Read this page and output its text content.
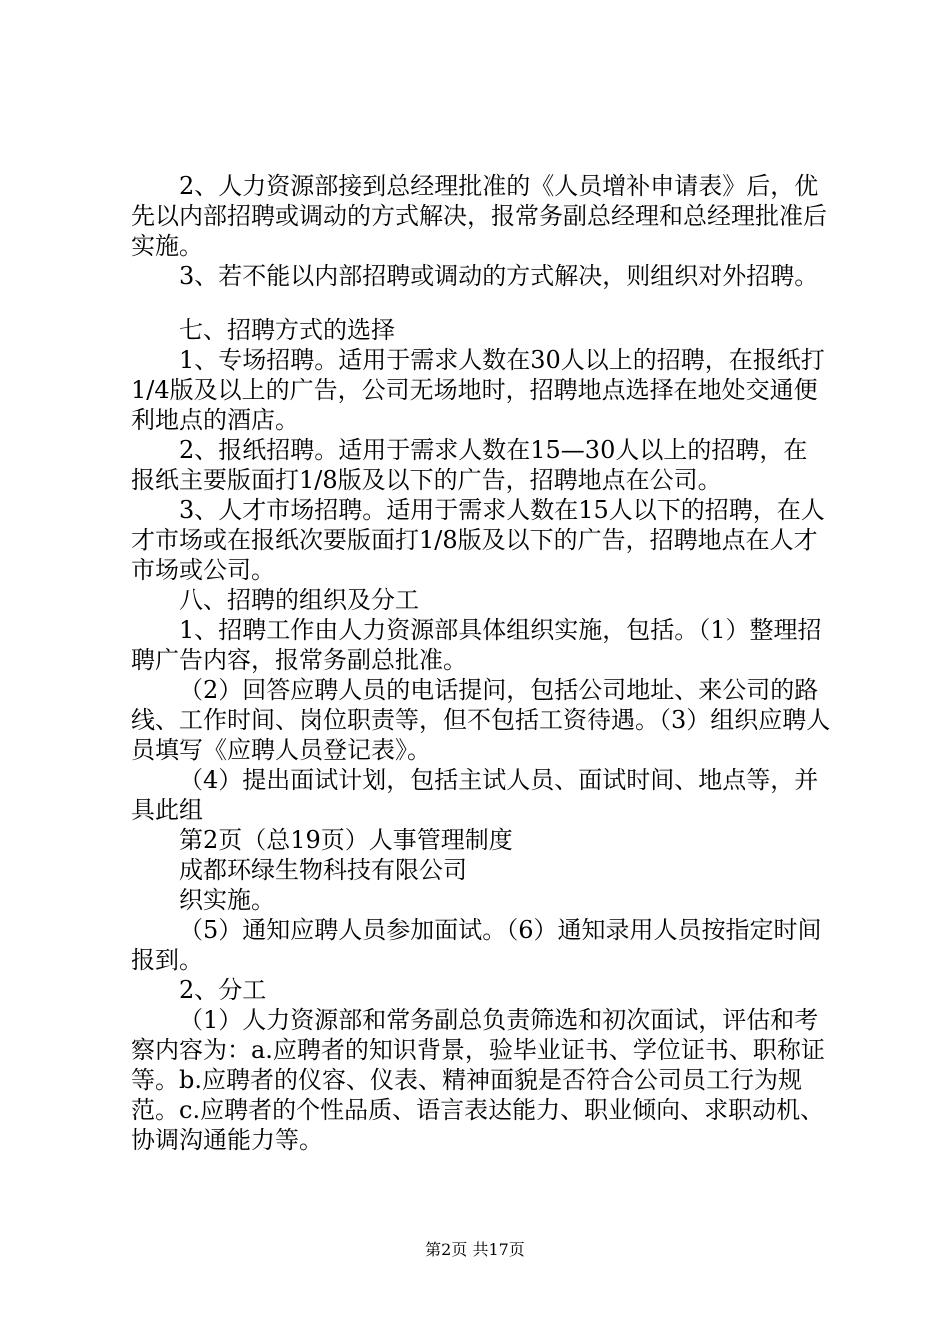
2、人力资源部接到总经理批准的《人员增补申请表》后，优先以内部招聘或调动的方式解决，报常务副总经理和总经理批准后实施。

3、若不能以内部招聘或调动的方式解决，则组织对外招聘。

七、招聘方式的选择

1、专场招聘。适用于需求人数在30人以上的招聘，在报纸打1/4版及以上的广告，公司无场地时，招聘地点选择在地处交通便利地点的酒店。

2、报纸招聘。适用于需求人数在15—30人以上的招聘，在报纸主要版面打1/8版及以下的广告，招聘地点在公司。

3、人才市场招聘。适用于需求人数在15人以下的招聘，在人才市场或在报纸次要版面打1/8版及以下的广告，招聘地点在人才市场或公司。

八、招聘的组织及分工

1、招聘工作由人力资源部具体组织实施，包括。（1）整理招聘广告内容，报常务副总批准。

（2）回答应聘人员的电话提问，包括公司地址、来公司的路线、工作时间、岗位职责等，但不包括工资待遇。（3）组织应聘人员填写《应聘人员登记表》。

（4）提出面试计划，包括主试人员、面试时间、地点等，并具此组

第2页（总19页）人事管理制度

成都环绿生物科技有限公司

织实施。

（5）通知应聘人员参加面试。（6）通知录用人员按指定时间报到。

2、分工

（1）人力资源部和常务副总负责筛选和初次面试，评估和考察内容为：a.应聘者的知识背景，验毕业证书、学位证书、职称证等。b.应聘者的仪容、仪表、精神面貌是否符合公司员工行为规范。c.应聘者的个性品质、语言表达能力、职业倾向、求职动机、协调沟通能力等。

第2页 共17页
